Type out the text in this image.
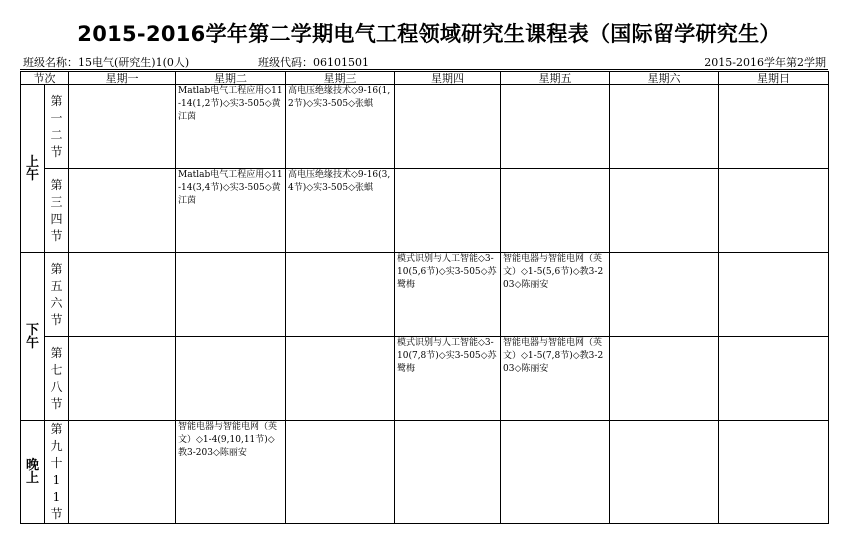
2015-2016学年第二学期电气工程领域研究生课程表（国际留学研究生）
班级名称：15电气(研究生)1(0人)	班级代码：06101501	2015-2016学年第2学期
节次		星期一	星期二	星期三	星期四	星期五	星期六	星期日

上午	第一二节		Matlab电气工程应用◇11-14(1,2节)◇实3-505◇黄江茵	高电压绝缘技术◇9-16(1,2节)◇实3-505◇张蜞				

	第三四节		Matlab电气工程应用◇11-14(3,4节)◇实3-505◇黄江茵	高电压绝缘技术◇9-16(3,4节)◇实3-505◇张蜞				

下午	第五六节				模式识别与人工智能◇3-10(5,6节)◇实3-505◇苏鹭梅	智能电器与智能电网（英文）◇1-5(5,6节)◇教3-203◇陈丽安		

	第七八节				模式识别与人工智能◇3-10(7,8节)◇实3-505◇苏鹭梅	智能电器与智能电网（英文）◇1-5(7,8节)◇教3-203◇陈丽安		

晚上	第九十11节		智能电器与智能电网（英文）◇1-4(9,10,11节)◇教3-203◇陈丽安					
